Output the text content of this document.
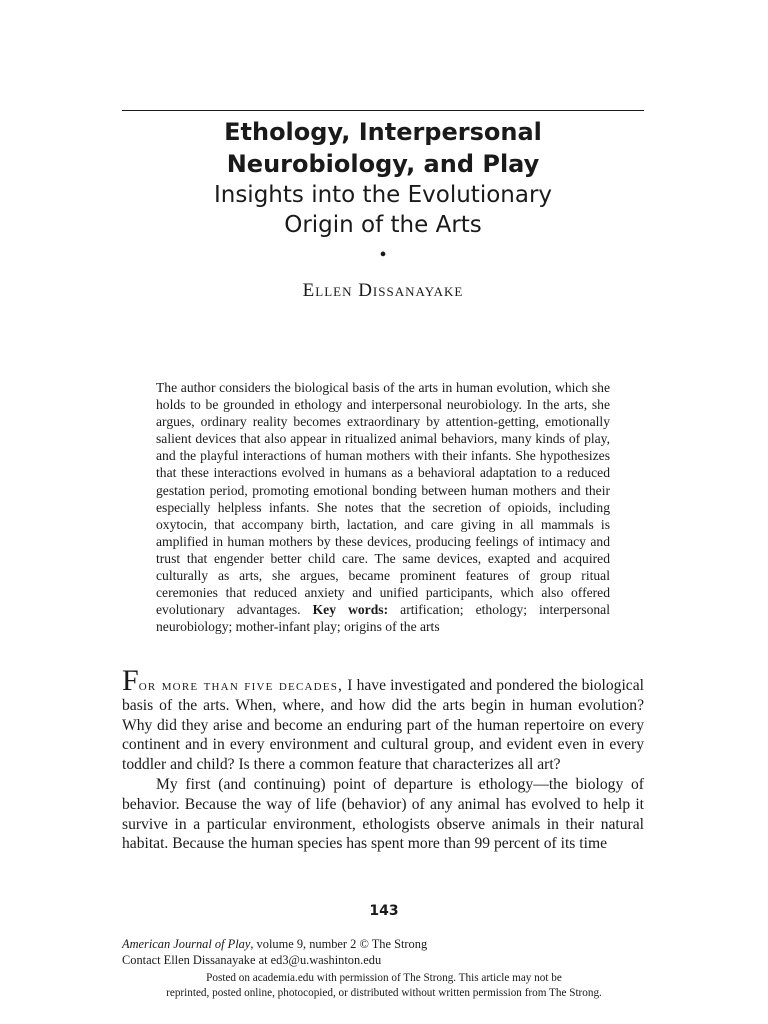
Ethology, Interpersonal
Neurobiology, and Play
Insights into the Evolutionary
Origin of the Arts
•
Ellen Dissanayake
The author considers the biological basis of the arts in human evolution, which she holds to be grounded in ethology and interpersonal neurobiology. In the arts, she argues, ordinary reality becomes extraordinary by attention-getting, emotionally salient devices that also appear in ritualized animal behaviors, many kinds of play, and the playful interactions of human mothers with their infants. She hypothesizes that these interactions evolved in humans as a behavioral adaptation to a reduced gestation period, promoting emotional bonding between human mothers and their especially helpless infants. She notes that the secretion of opioids, including oxytocin, that accompany birth, lactation, and care giving in all mammals is amplified in human mothers by these devices, producing feelings of intimacy and trust that engender better child care. The same devices, exapted and acquired culturally as arts, she argues, became prominent features of group ritual ceremonies that reduced anxiety and unified participants, which also offered evolutionary advantages. Key words: artification; ethology; interpersonal neurobiology; mother-infant play; origins of the arts

For more than five decades, I have investigated and pondered the biological basis of the arts. When, where, and how did the arts begin in human evolution? Why did they arise and become an enduring part of the human repertoire on every continent and in every environment and cultural group, and evident even in every toddler and child? Is there a common feature that characterizes all art?

My first (and continuing) point of departure is ethology—the biology of behavior. Because the way of life (behavior) of any animal has evolved to help it survive in a particular environment, ethologists observe animals in their natural habitat. Because the human species has spent more than 99 percent of its time

143
American Journal of Play, volume 9, number 2 © The Strong
Contact Ellen Dissanayake at ed3@u.washinton.edu
Posted on academia.edu with permission of The Strong. This article may not be
reprinted, posted online, photocopied, or distributed without written permission from The Strong.
